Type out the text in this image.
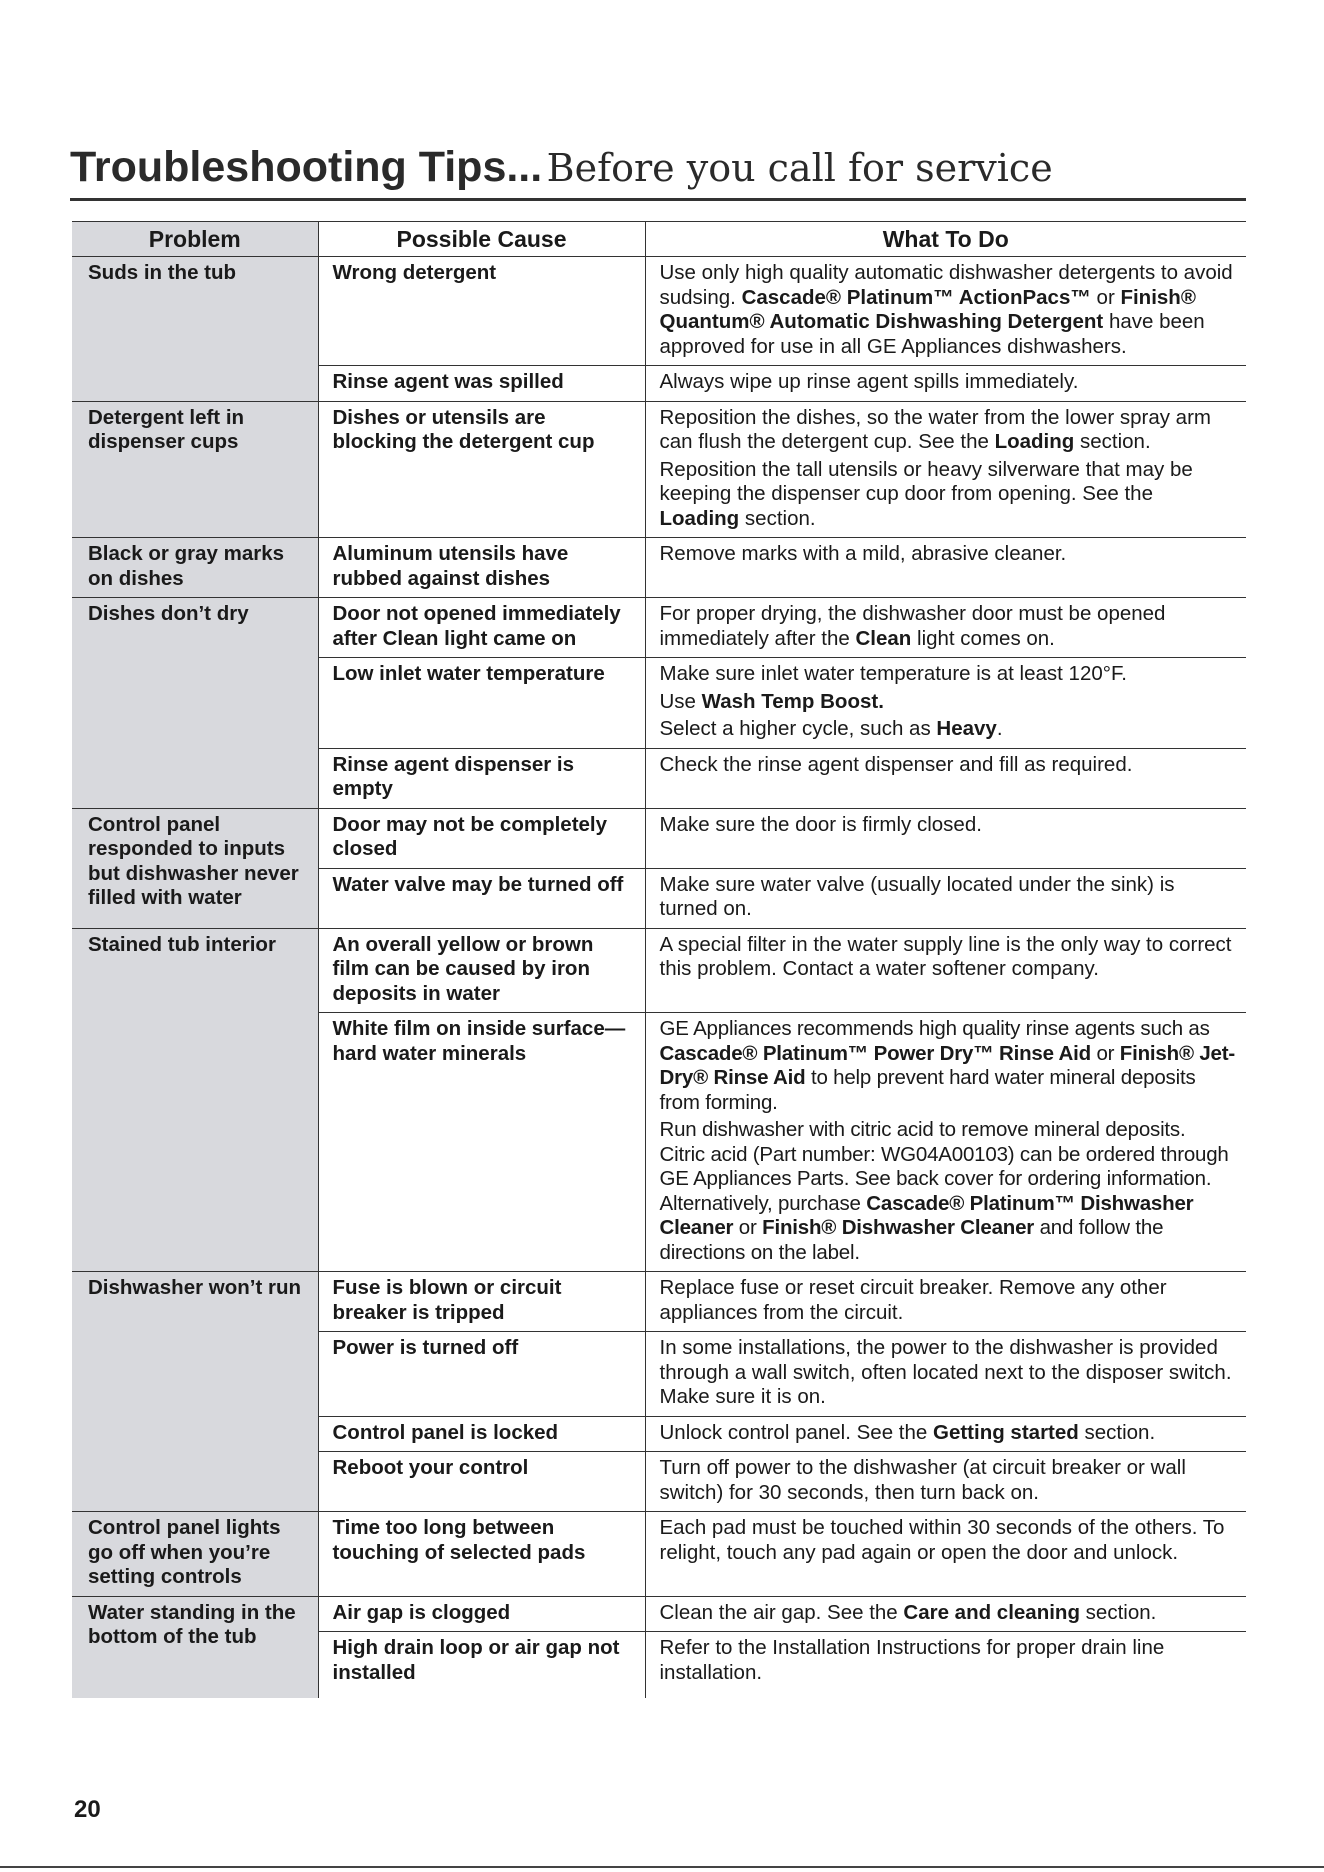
Troubleshooting Tips... Before you call for service
Problem	Possible Cause	What To Do
Suds in the tub	Wrong detergent	Use only high quality automatic dishwasher detergents to avoid sudsing. Cascade® Platinum™ ActionPacs™ or Finish® Quantum® Automatic Dishwashing Detergent have been approved for use in all GE Appliances dishwashers.

	Rinse agent was spilled	Always wipe up rinse agent spills immediately.
Detergent left in dispenser cups	Dishes or utensils are blocking the detergent cup	Reposition the dishes, so the water from the lower spray arm can flush the detergent cup. See the Loading section.

Reposition the tall utensils or heavy silverware that may be keeping the dispenser cup door from opening. See the Loading section.

Black or gray marks on dishes	Aluminum utensils have rubbed against dishes	Remove marks with a mild, abrasive cleaner.
Dishes don’t dry	Door not opened immediately after Clean light came on	For proper drying, the dishwasher door must be opened immediately after the Clean light comes on.

	Low inlet water temperature	Make sure inlet water temperature is at least 120°F.

Use Wash Temp Boost.

Select a higher cycle, such as Heavy.

	Rinse agent dispenser is empty	Check the rinse agent dispenser and fill as required.
Control panel responded to inputs but dishwasher never filled with water	Door may not be completely closed	Make sure the door is firmly closed.
	Water valve may be turned off	Make sure water valve (usually located under the sink) is turned on.
Stained tub interior	An overall yellow or brown film can be caused by iron deposits in water	A special filter in the water supply line is the only way to correct this problem. Contact a water softener company.
	White film on inside surface— hard water minerals	GE Appliances recommends high quality rinse agents such as Cascade® Platinum™ Power Dry™ Rinse Aid or Finish® Jet-Dry® Rinse Aid to help prevent hard water mineral deposits from forming.

Run dishwasher with citric acid to remove mineral deposits. Citric acid (Part number: WG04A00103) can be ordered through GE Appliances Parts. See back cover for ordering information. Alternatively, purchase Cascade® Platinum™ Dishwasher Cleaner or Finish® Dishwasher Cleaner and follow the directions on the label.

Dishwasher won’t run	Fuse is blown or circuit breaker is tripped	Replace fuse or reset circuit breaker. Remove any other appliances from the circuit.
	Power is turned off	In some installations, the power to the dishwasher is provided through a wall switch, often located next to the disposer switch. Make sure it is on.
	Control panel is locked	Unlock control panel. See the Getting started section.

	Reboot your control	Turn off power to the dishwasher (at circuit breaker or wall switch) for 30 seconds, then turn back on.
Control panel lights go off when you’re setting controls	Time too long between touching of selected pads	Each pad must be touched within 30 seconds of the others. To relight, touch any pad again or open the door and unlock.
Water standing in the bottom of the tub	Air gap is clogged	Clean the air gap. See the Care and cleaning section.

	High drain loop or air gap not installed	Refer to the Installation Instructions for proper drain line installation.
20
